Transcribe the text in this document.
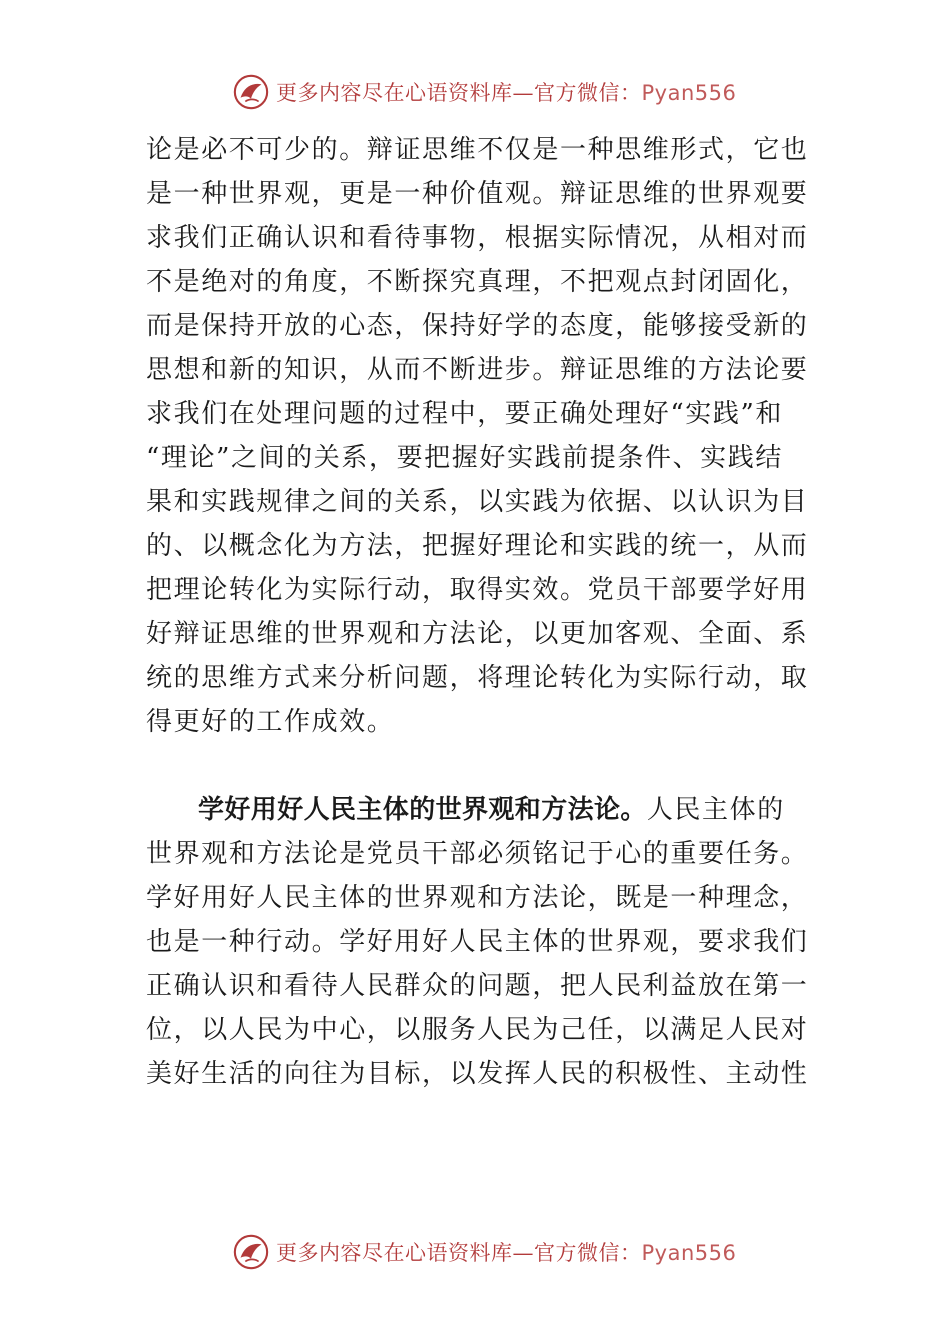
更多内容尽在心语资料库—官方微信：Pyan556
论是必不可少的。辩证思维不仅是一种思维形式，它也
是一种世界观，更是一种价值观。辩证思维的世界观要
求我们正确认识和看待事物，根据实际情况，从相对而
不是绝对的角度，不断探究真理，不把观点封闭固化，
而是保持开放的心态，保持好学的态度，能够接受新的
思想和新的知识，从而不断进步。辩证思维的方法论要
求我们在处理问题的过程中，要正确处理好“实践”和
“理论”之间的关系，要把握好实践前提条件、实践结
果和实践规律之间的关系，以实践为依据、以认识为目
的、以概念化为方法，把握好理论和实践的统一，从而
把理论转化为实际行动，取得实效。党员干部要学好用
好辩证思维的世界观和方法论，以更加客观、全面、系
统的思维方式来分析问题，将理论转化为实际行动，取
得更好的工作成效。
学好用好人民主体的世界观和方法论。人民主体的
世界观和方法论是党员干部必须铭记于心的重要任务。
学好用好人民主体的世界观和方法论，既是一种理念，
也是一种行动。学好用好人民主体的世界观，要求我们
正确认识和看待人民群众的问题，把人民利益放在第一
位，以人民为中心，以服务人民为己任，以满足人民对
美好生活的向往为目标，以发挥人民的积极性、主动性
更多内容尽在心语资料库—官方微信：Pyan556
